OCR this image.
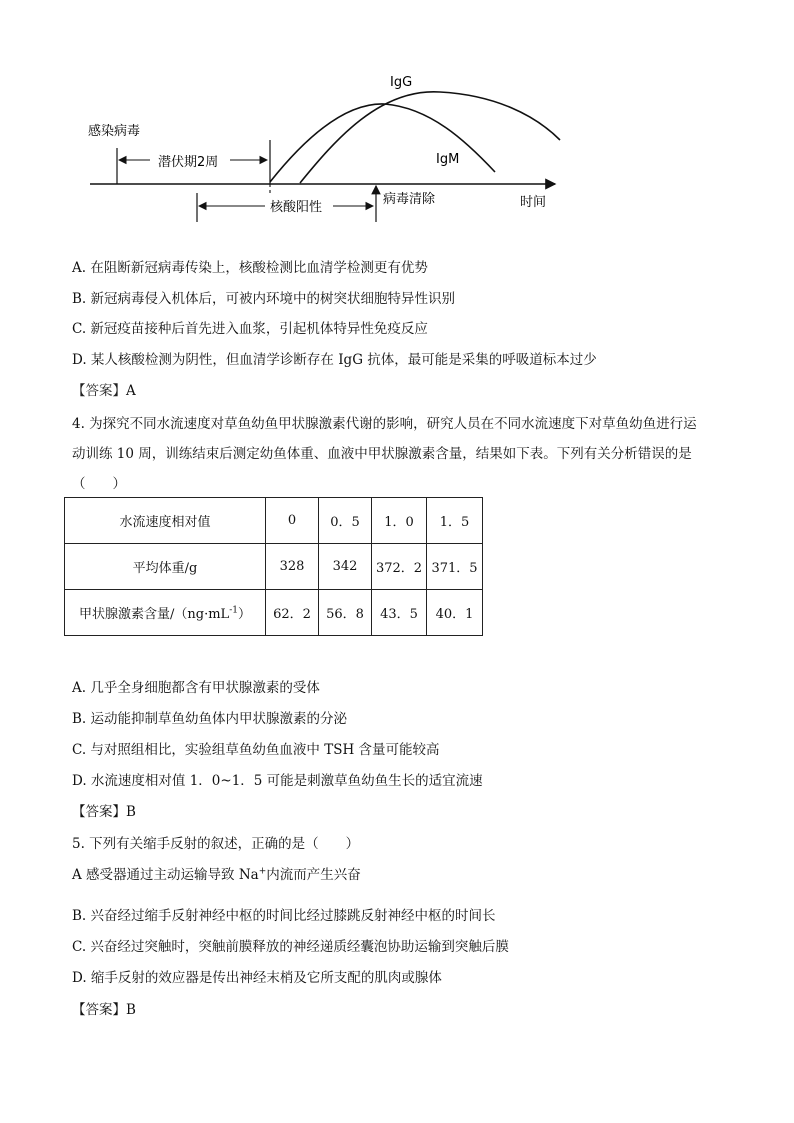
感染病毒
潜伏期2周
核酸阳性
病毒清除	时间
IgG
IgM
A. 在阻断新冠病毒传染上，核酸检测比血清学检测更有优势
B. 新冠病毒侵入机体后，可被内环境中的树突状细胞特异性识别
C. 新冠疫苗接种后首先进入血浆，引起机体特异性免疫反应
D. 某人核酸检测为阴性，但血清学诊断存在 IgG 抗体，最可能是采集的呼吸道标本过少
【答案】A
4. 为探究不同水流速度对草鱼幼鱼甲状腺激素代谢的影响，研究人员在不同水流速度下对草鱼幼鱼进行运
动训练 10 周，训练结束后测定幼鱼体重、血液中甲状腺激素含量，结果如下表。下列有关分析错误的是
（　　）
水流速度相对值	0	0．5	1．0	1．5
平均体重/g	328	342	372．2	371．5
甲状腺激素含量$/(ng\cdot mL^{-1})$	62．2	56．8	43．5	40．1
A. 几乎全身细胞都含有甲状腺激素的受体
B. 运动能抑制草鱼幼鱼体内甲状腺激素的分泌
C. 与对照组相比，实验组草鱼幼鱼血液中 TSH 含量可能较高
D. 水流速度相对值 1．0~1．5 可能是刺激草鱼幼鱼生长的适宜流速
【答案】B
5. 下列有关缩手反射的叙述，正确的是（　　）
A 感受器通过主动运输导致 Na+内流而产生兴奋
B. 兴奋经过缩手反射神经中枢的时间比经过膝跳反射神经中枢的时间长
C. 兴奋经过突触时，突触前膜释放的神经递质经囊泡协助运输到突触后膜
D. 缩手反射的效应器是传出神经末梢及它所支配的肌肉或腺体
【答案】B
